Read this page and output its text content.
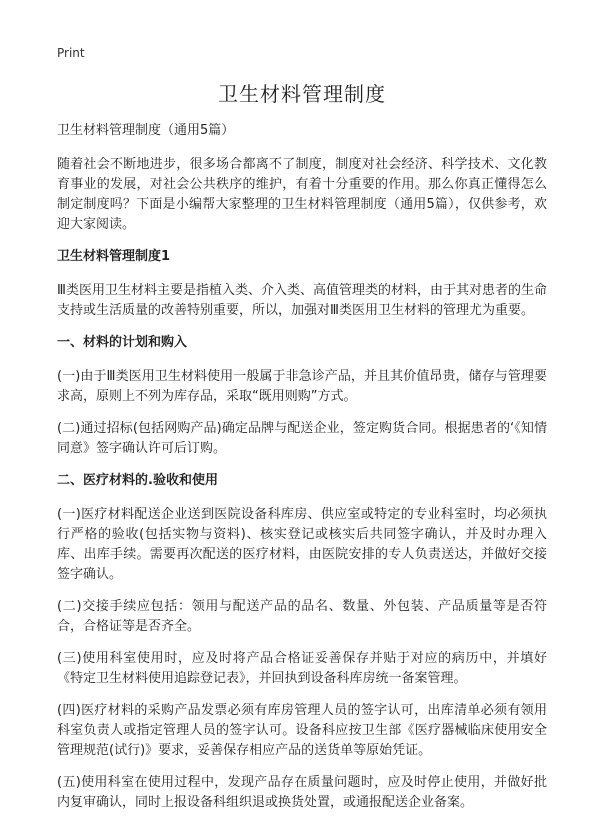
Print
卫生材料管理制度

卫生材料管理制度（通用5篇）

随着社会不断地进步，很多场合都离不了制度，制度对社会经济、科学技术、文化教育事业的发展，对社会公共秩序的维护，有着十分重要的作用。那么你真正懂得怎么制定制度吗？下面是小编帮大家整理的卫生材料管理制度（通用5篇），仅供参考，欢迎大家阅读。

卫生材料管理制度1

Ⅲ类医用卫生材料主要是指植入类、介入类、高值管理类的材料，由于其对患者的生命支持或生活质量的改善特别重要，所以，加强对Ⅲ类医用卫生材料的管理尤为重要。

一、材料的计划和购入

(一)由于Ⅲ类医用卫生材料使用一般属于非急诊产品，并且其价值昂贵，储存与管理要求高，原则上不列为库存品，采取“既用则购”方式。

(二)通过招标(包括网购产品)确定品牌与配送企业，签定购货合同。根据患者的‘《知情同意》签字确认许可后订购。

二、医疗材料的.验收和使用

(一)医疗材料配送企业送到医院设备科库房、供应室或特定的专业科室时，均必须执行严格的验收(包括实物与资料)、核实登记或核实后共同签字确认，并及时办理入库、出库手续。需要再次配送的医疗材料，由医院安排的专人负责送达，并做好交接签字确认。

(二)交接手续应包括：领用与配送产品的品名、数量、外包装、产品质量等是否符合，合格证等是否齐全。

(三)使用科室使用时，应及时将产品合格证妥善保存并贴于对应的病历中，并填好《特定卫生材料使用追踪登记表》，并回执到设备科库房统一备案管理。

(四)医疗材料的采购产品发票必须有库房管理人员的签字认可，出库清单必须有领用科室负责人或指定管理人员的签字认可。设备科应按卫生部《医疗器械临床使用安全管理规范(试行)》要求，妥善保存相应产品的送货单等原始凭证。

(五)使用科室在使用过程中，发现产品存在质量问题时，应及时停止使用，并做好批内复审确认，同时上报设备科组织退或换货处置，或通报配送企业备案。
